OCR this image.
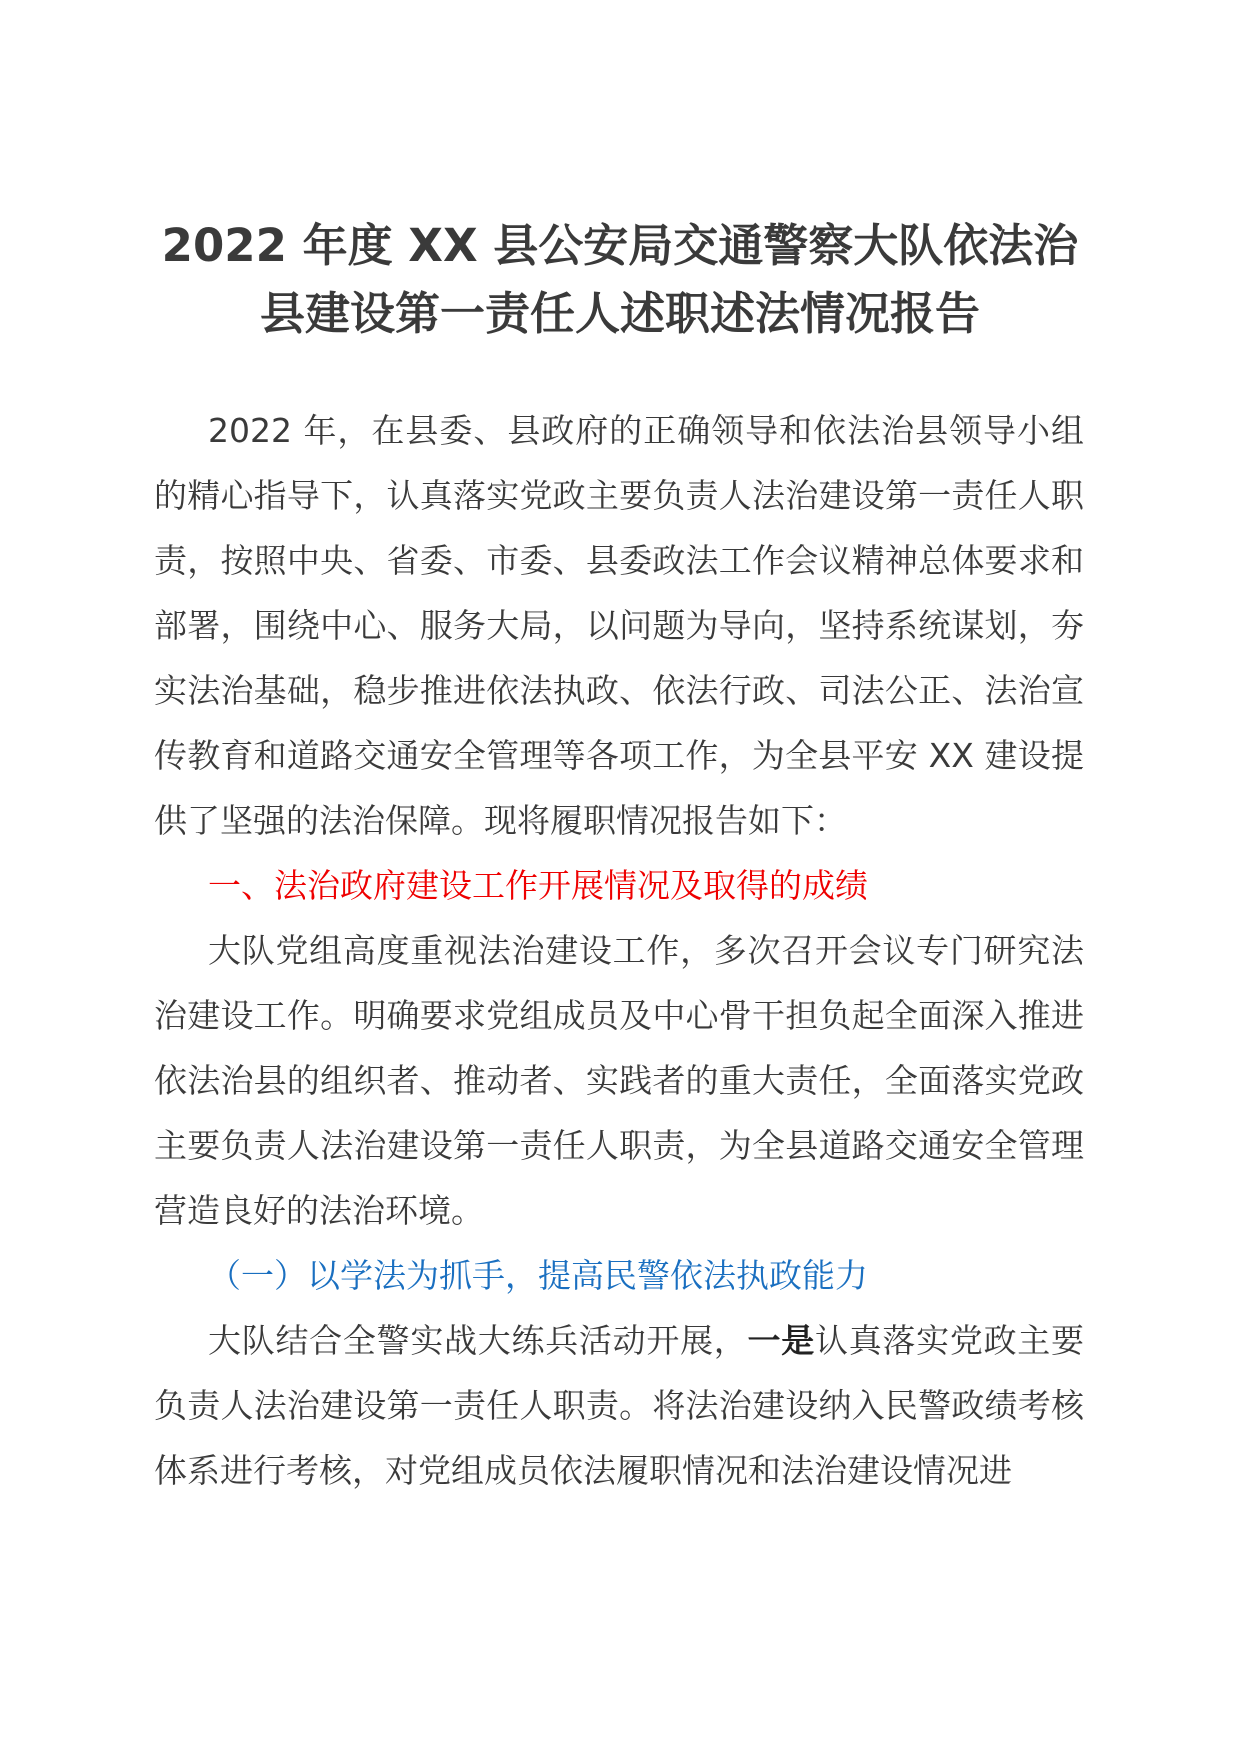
2022 年度 XX 县公安局交通警察大队依法治
县建设第一责任人述职述法情况报告

2022 年，在县委、县政府的正确领导和依法治县领导小组的精心指导下，认真落实党政主要负责人法治建设第一责任人职责，按照中央、省委、市委、县委政法工作会议精神总体要求和部署，围绕中心、服务大局，以问题为导向，坚持系统谋划，夯实法治基础，稳步推进依法执政、依法行政、司法公正、法治宣传教育和道路交通安全管理等各项工作，为全县平安 XX 建设提供了坚强的法治保障。现将履职情况报告如下：

一、法治政府建设工作开展情况及取得的成绩

大队党组高度重视法治建设工作，多次召开会议专门研究法治建设工作。明确要求党组成员及中心骨干担负起全面深入推进依法治县的组织者、推动者、实践者的重大责任，全面落实党政主要负责人法治建设第一责任人职责，为全县道路交通安全管理营造良好的法治环境。

（一）以学法为抓手，提高民警依法执政能力

大队结合全警实战大练兵活动开展，一是认真落实党政主要负责人法治建设第一责任人职责。将法治建设纳入民警政绩考核体系进行考核，对党组成员依法履职情况和法治建设情况进
